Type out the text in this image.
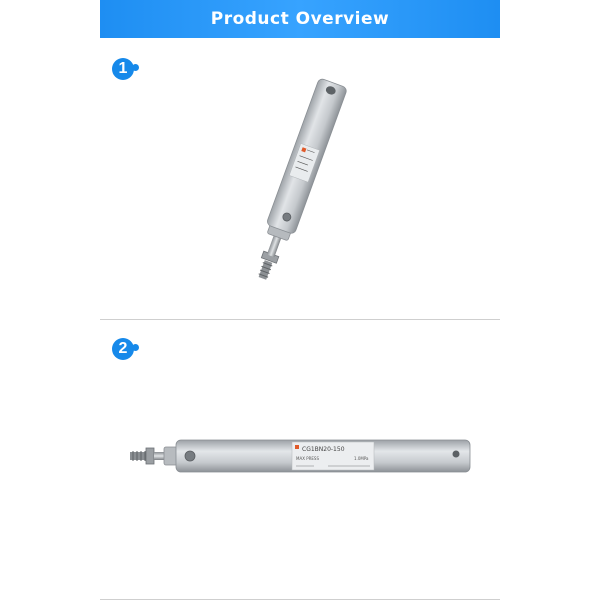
Product Overview
1
2
CG1BN20-150
MAX PRESS	1.0MPa
